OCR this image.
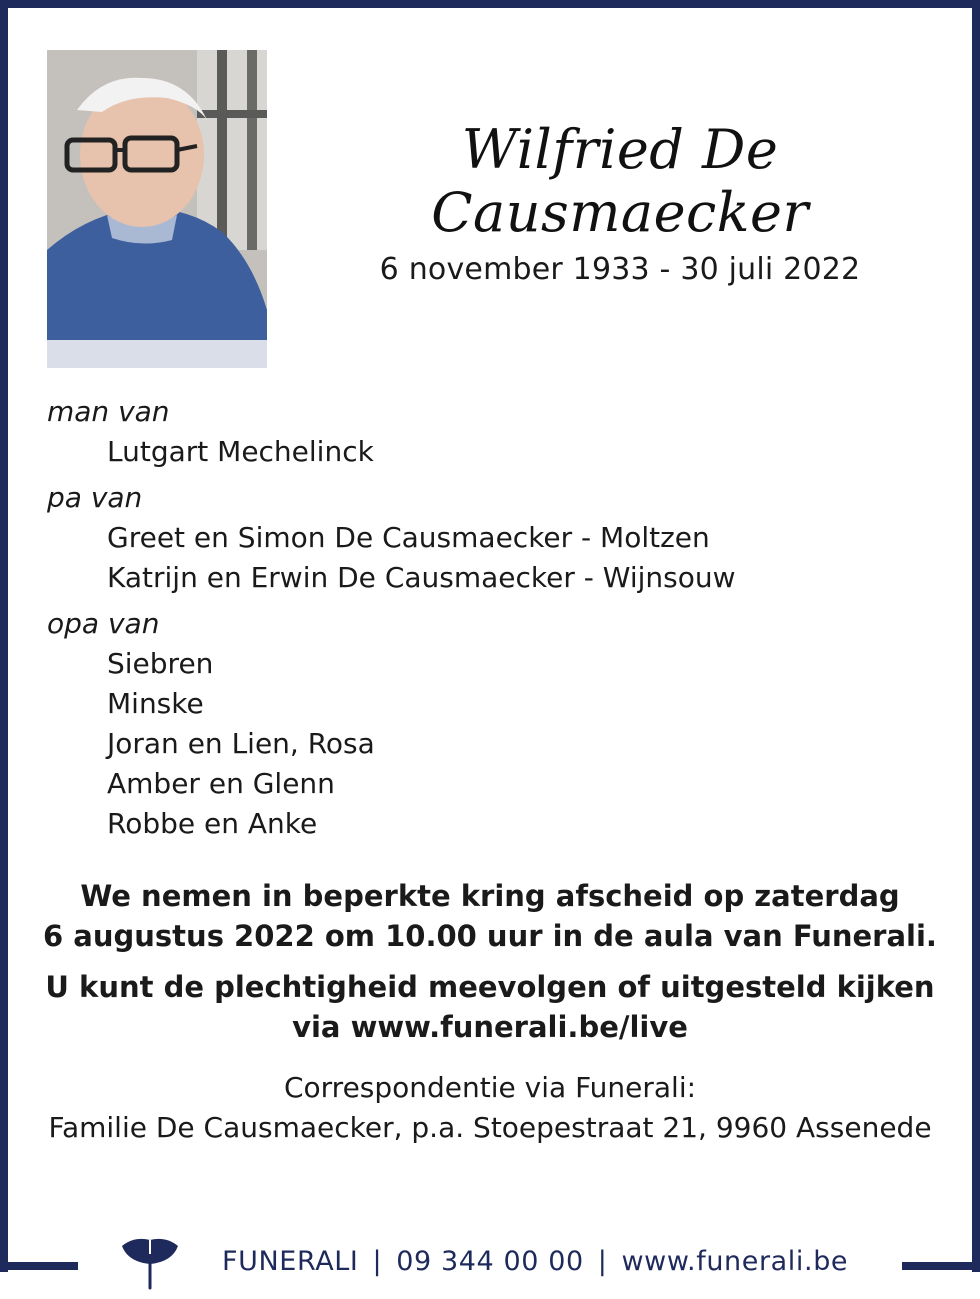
Wilfried De Causmaecker
6 november 1933 - 30 juli 2022
man van
Lutgart Mechelinck
pa van
Greet en Simon De Causmaecker - Moltzen
Katrijn en Erwin De Causmaecker - Wijnsouw
opa van
Siebren
Minske
Joran en Lien, Rosa
Amber en Glenn
Robbe en Anke
We nemen in beperkte kring afscheid op zaterdag
6 augustus 2022 om 10.00 uur in de aula van Funerali.
U kunt de plechtigheid meevolgen of uitgesteld kijken
via www.funerali.be/live
Correspondentie via Funerali:
Familie De Causmaecker, p.a. Stoepestraat 21, 9960 Assenede
FUNERALI | 09 344 00 00 | www.funerali.be
